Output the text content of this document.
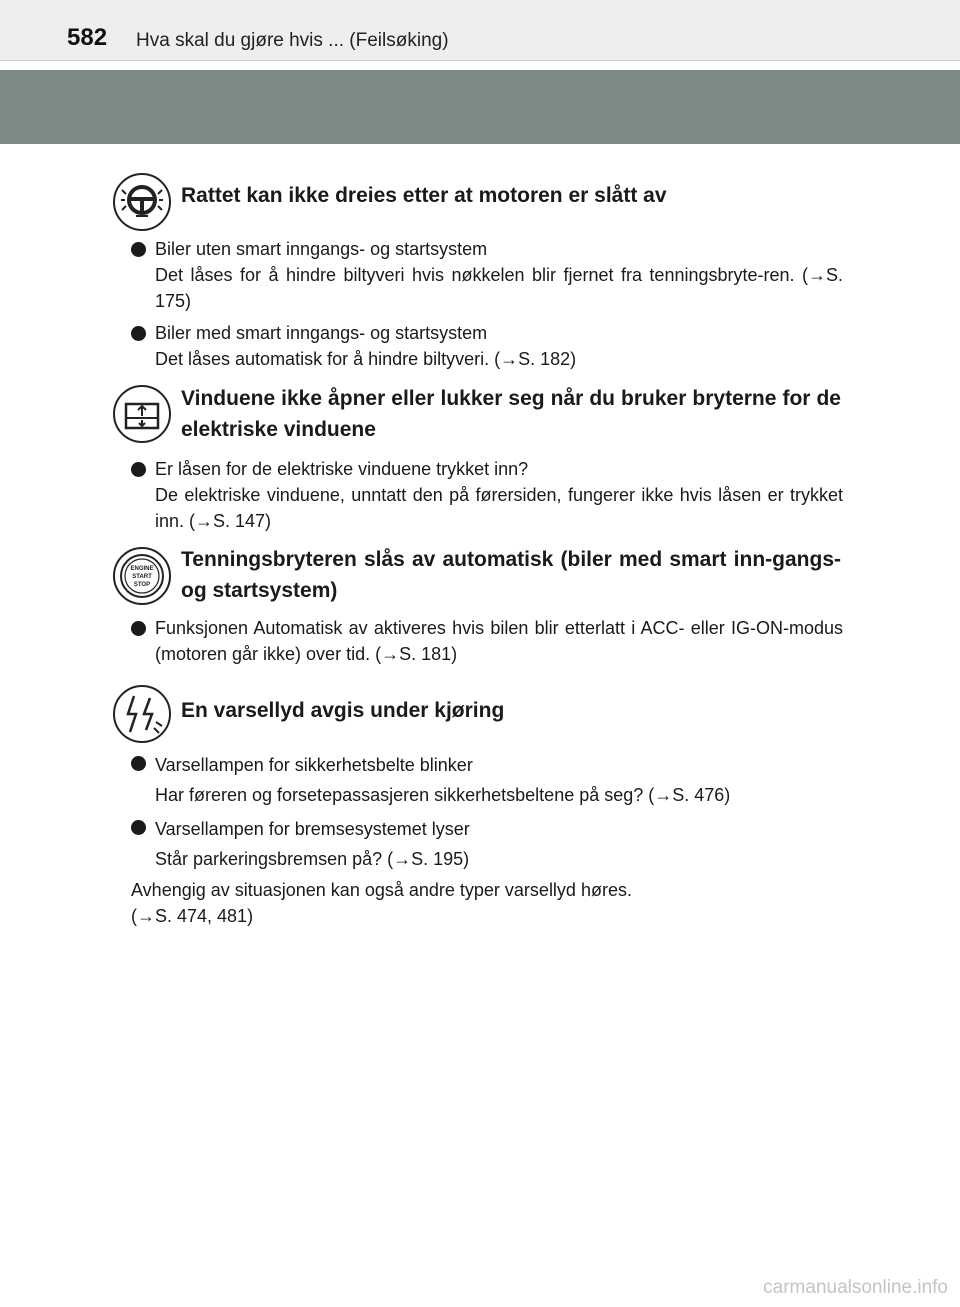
582 Hva skal du gjøre hvis ... (Feilsøking)
Rattet kan ikke dreies etter at motoren er slått av
Biler uten smart inngangs- og startsystem
Det låses for å hindre biltyveri hvis nøkkelen blir fjernet fra tenningsbryte-ren. (→S. 175)
Biler med smart inngangs- og startsystem
Det låses automatisk for å hindre biltyveri. (→S. 182)
Vinduene ikke åpner eller lukker seg når du bruker bryterne for de elektriske vinduene
Er låsen for de elektriske vinduene trykket inn?
De elektriske vinduene, unntatt den på førersiden, fungerer ikke hvis låsen er trykket inn. (→S. 147)
ENGINE
START
STOP
Tenningsbryteren slås av automatisk (biler med smart inn-gangs- og startsystem)
Funksjonen Automatisk av aktiveres hvis bilen blir etterlatt i ACC- eller IG-ON-modus (motoren går ikke) over tid. (→S. 181)
En varsellyd avgis under kjøring
Varsellampen for sikkerhetsbelte blinker
Har føreren og forsetepassasjeren sikkerhetsbeltene på seg? (→S. 476)
Varsellampen for bremsesystemet lyser
Står parkeringsbremsen på? (→S. 195)
Avhengig av situasjonen kan også andre typer varsellyd høres.
(→S. 474, 481)
carmanualsonline.info
